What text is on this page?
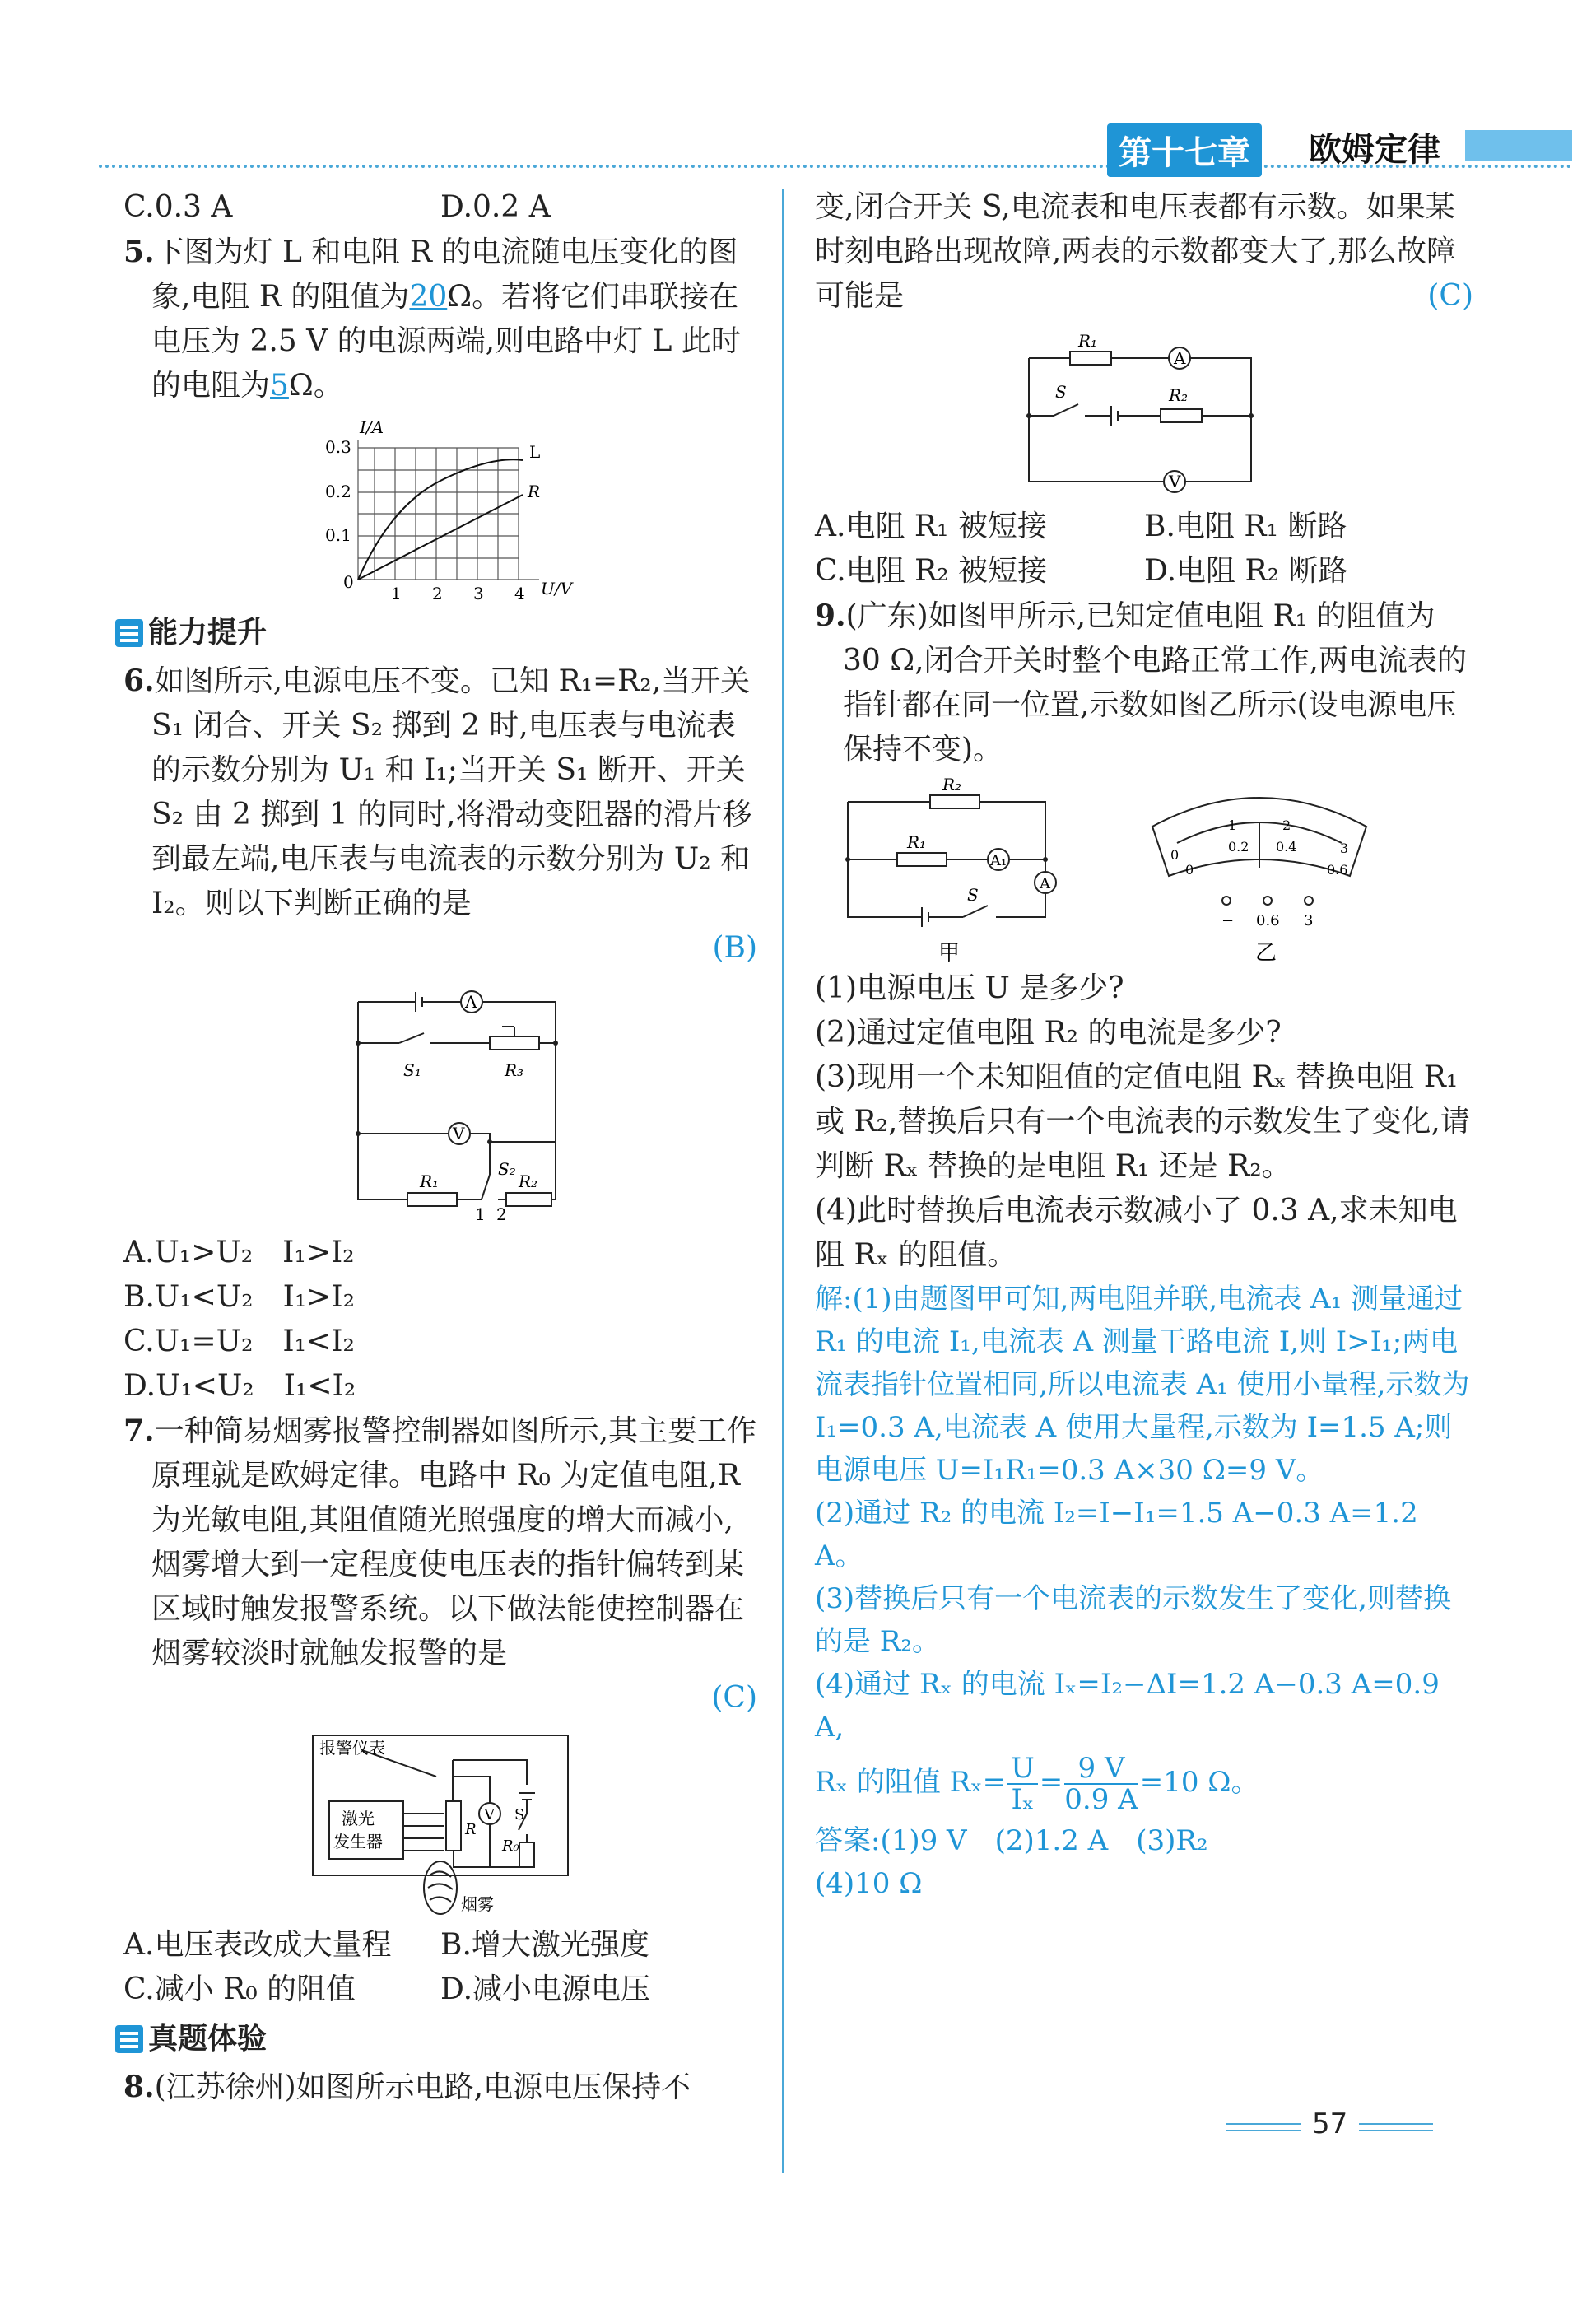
第十七章	欧姆定律
C.0.3 A	D.0.2 A

5.下图为灯 L 和电阻 R 的电流随电压变化的图象,电阻 R 的阻值为20Ω。若将它们串联接在电压为 2.5 V 的电源两端,则电路中灯 L 此时的电阻为5Ω。

I/A
U/V
0.3
0.2
0.1
0
1 2 3 4
L
R
能力提升

6.如图所示,电源电压不变。已知 R₁=R₂,当开关 S₁ 闭合、开关 S₂ 掷到 2 时,电压表与电流表的示数分别为 U₁ 和 I₁;当开关 S₁ 断开、开关 S₂ 由 2 掷到 1 的同时,将滑动变阻器的滑片移到最左端,电压表与电流表的示数分别为 U₂ 和 I₂。则以下判断正确的是

(B)
A
V
S₁	R₃
R₁
S₂
R₂
1 2

A.U₁>U₂　I₁>I₂

B.U₁<U₂　I₁>I₂

C.U₁=U₂　I₁<I₂

D.U₁<U₂　I₁<I₂

7.一种简易烟雾报警控制器如图所示,其主要工作原理就是欧姆定律。电路中 R₀ 为定值电阻,R 为光敏电阻,其阻值随光照强度的增大而减小,烟雾增大到一定程度使电压表的指针偏转到某区域时触发报警系统。以下做法能使控制器在烟雾较淡时就触发报警的是

(C)
报警仪表
激光
发生器
R
R₀
V S
烟雾
A.电压表改成大量程	B.增大激光强度
C.减小 R₀ 的阻值	D.减小电源电压
真题体验

8.(江苏徐州)如图所示电路,电源电压保持不

变,闭合开关 S,电流表和电压表都有示数。如果某时刻电路出现故障,两表的示数都变大了,那么故障可能是	(C)
R₁
A
S	R₂
V
A.电阻 R₁ 被短接	B.电阻 R₁ 断路
C.电阻 R₂ 被短接	D.电阻 R₂ 断路

9.(广东)如图甲所示,已知定值电阻 R₁ 的阻值为 30 Ω,闭合开关时整个电路正常工作,两电流表的指针都在同一位置,示数如图乙所示(设电源电压保持不变)。

R₂
R₁
A₁
A
S
甲
0
1	2
3
0
0.2 0.4
0.6
− 0.6 3
乙

(1)电源电压 U 是多少?

(2)通过定值电阻 R₂ 的电流是多少?

(3)现用一个未知阻值的定值电阻 Rₓ 替换电阻 R₁ 或 R₂,替换后只有一个电流表的示数发生了变化,请判断 Rₓ 替换的是电阻 R₁ 还是 R₂。

(4)此时替换后电流表示数减小了 0.3 A,求未知电阻 Rₓ 的阻值。

解:(1)由题图甲可知,两电阻并联,电流表 A₁ 测量通过 R₁ 的电流 I₁,电流表 A 测量干路电流 I,则 I>I₁;两电流表指针位置相同,所以电流表 A₁ 使用小量程,示数为 I₁=0.3 A,电流表 A 使用大量程,示数为 I=1.5 A;则电源电压 U=I₁R₁=0.3 A×30 Ω=9 V。

(2)通过 R₂ 的电流 I₂=I−I₁=1.5 A−0.3 A=1.2 A。

(3)替换后只有一个电流表的示数发生了变化,则替换的是 R₂。

(4)通过 Rₓ 的电流 Iₓ=I₂−ΔI=1.2 A−0.3 A=0.9 A,

Rₓ 的阻值 $R_x= \frac{U}{\text{Iₓ}} = \frac{9 V}{0.9 A} =10$ Ω。

答案:(1)9 V　(2)1.2 A　(3)R₂

(4)10 Ω

57
